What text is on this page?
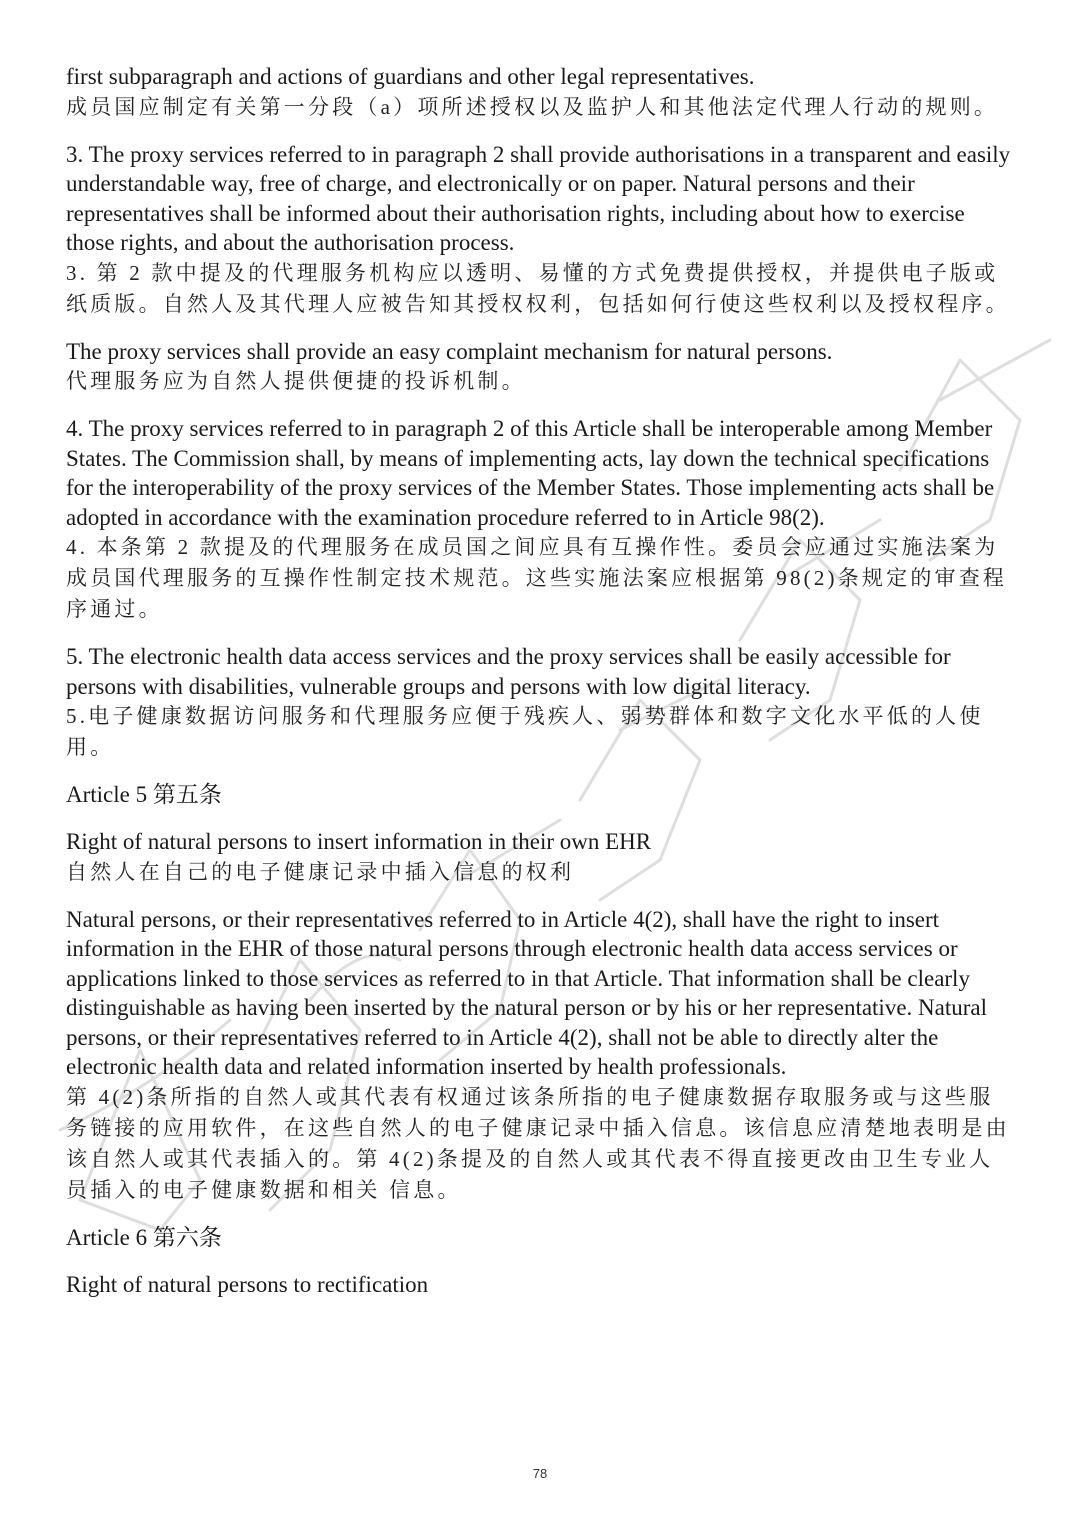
first subparagraph and actions of guardians and other legal representatives.
成员国应制定有关第一分段（a）项所述授权以及监护人和其他法定代理人行动的规则。
3. The proxy services referred to in paragraph 2 shall provide authorisations in a transparent and easily understandable way, free of charge, and electronically or on paper. Natural persons and their representatives shall be informed about their authorisation rights, including about how to exercise those rights, and about the authorisation process.
3. 第 2 款中提及的代理服务机构应以透明、易懂的方式免费提供授权，并提供电子版或纸质版。自然人及其代理人应被告知其授权权利，包括如何行使这些权利以及授权程序。
The proxy services shall provide an easy complaint mechanism for natural persons.
代理服务应为自然人提供便捷的投诉机制。
4. The proxy services referred to in paragraph 2 of this Article shall be interoperable among Member States. The Commission shall, by means of implementing acts, lay down the technical specifications for the interoperability of the proxy services of the Member States. Those implementing acts shall be adopted in accordance with the examination procedure referred to in Article 98(2).
4. 本条第 2 款提及的代理服务在成员国之间应具有互操作性。委员会应通过实施法案为成员国代理服务的互操作性制定技术规范。这些实施法案应根据第 98(2)条规定的审查程序通过。
5. The electronic health data access services and the proxy services shall be easily accessible for persons with disabilities, vulnerable groups and persons with low digital literacy.
5.电子健康数据访问服务和代理服务应便于残疾人、弱势群体和数字文化水平低的人使用。
Article 5 第五条
Right of natural persons to insert information in their own EHR
自然人在自己的电子健康记录中插入信息的权利
Natural persons, or their representatives referred to in Article 4(2), shall have the right to insert information in the EHR of those natural persons through electronic health data access services or applications linked to those services as referred to in that Article. That information shall be clearly distinguishable as having been inserted by the natural person or by his or her representative. Natural persons, or their representatives referred to in Article 4(2), shall not be able to directly alter the electronic health data and related information inserted by health professionals.
第 4(2)条所指的自然人或其代表有权通过该条所指的电子健康数据存取服务或与这些服 务链接的应用软件，在这些自然人的电子健康记录中插入信息。该信息应清楚地表明是由该自然人或其代表插入的。第 4(2)条提及的自然人或其代表不得直接更改由卫生专业人员插入的电子健康数据和相关 信息。
Article 6 第六条
Right of natural persons to rectification
78
